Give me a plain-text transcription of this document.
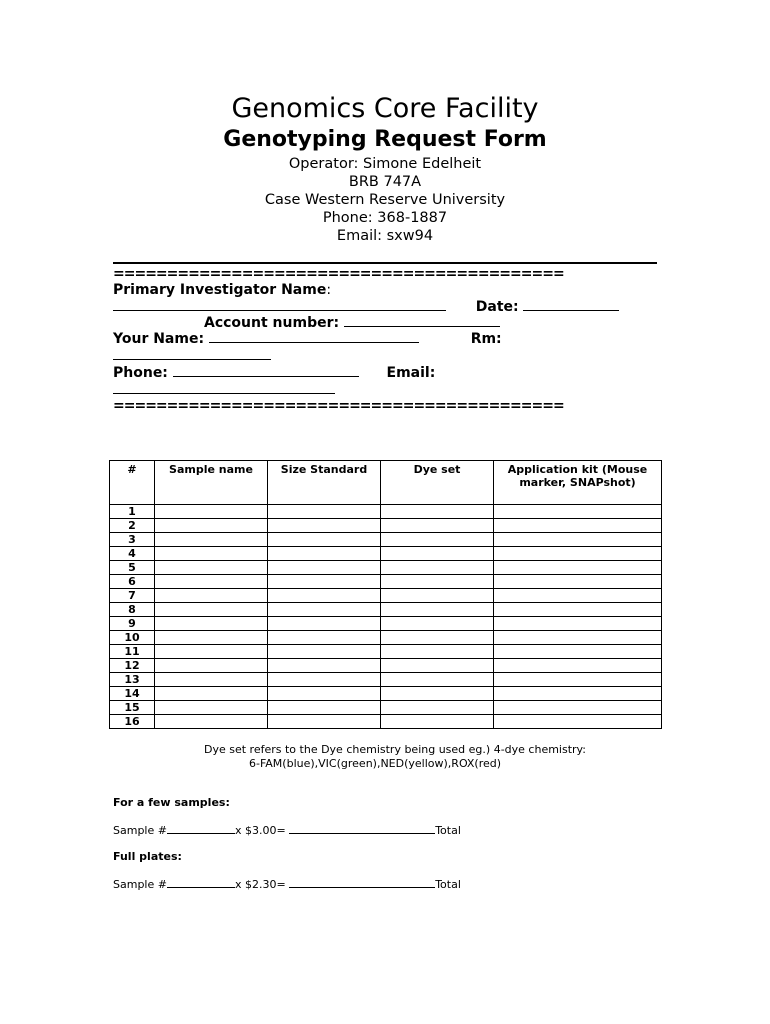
Genomics Core Facility
Genotyping Request Form
Operator: Simone Edelheit
BRB 747A
Case Western Reserve University
Phone: 368-1887
Email: sxw94
==========================================
Primary Investigator Name:
Date:
Account number:
Your Name:	Rm:
Phone:	Email:
==========================================
#	Sample name	Size Standard	Dye set	Application kit (Mouse marker, SNAPshot)
1				
2				
3				
4				
5				
6				
7				
8				
9				
10				
11				
12				
13				
14				
15				
16				
Dye set refers to the Dye chemistry being used eg.) 4-dye chemistry:
6-FAM(blue),VIC(green),NED(yellow),ROX(red)
For a few samples:
Sample #	x $3.00=	Total
Full plates:
Sample #	x $2.30=	Total
